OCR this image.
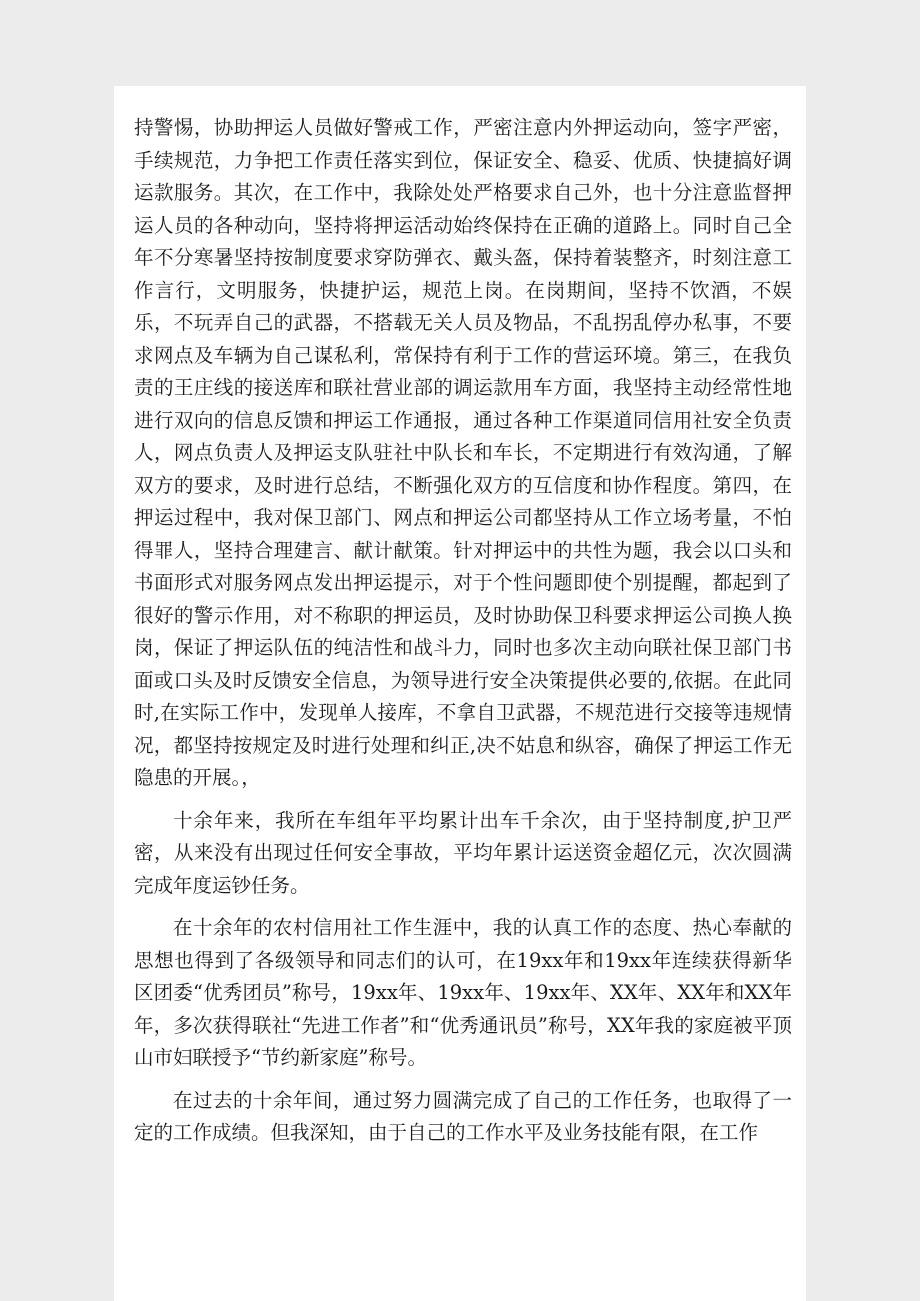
持警惕，协助押运人员做好警戒工作，严密注意内外押运动向，签字严密，手续规范，力争把工作责任落实到位，保证安全、稳妥、优质、快捷搞好调运款服务。其次，在工作中，我除处处严格要求自己外，也十分注意监督押运人员的各种动向，坚持将押运活动始终保持在正确的道路上。同时自己全年不分寒暑坚持按制度要求穿防弹衣、戴头盔，保持着装整齐，时刻注意工作言行，文明服务，快捷护运，规范上岗。在岗期间，坚持不饮酒，不娱乐，不玩弄自己的武器，不搭载无关人员及物品，不乱拐乱停办私事，不要求网点及车辆为自己谋私利，常保持有利于工作的营运环境。第三，在我负责的王庄线的接送库和联社营业部的调运款用车方面，我坚持主动经常性地进行双向的信息反馈和押运工作通报，通过各种工作渠道同信用社安全负责人，网点负责人及押运支队驻社中队长和车长，不定期进行有效沟通，了解双方的要求，及时进行总结，不断强化双方的互信度和协作程度。第四，在押运过程中，我对保卫部门、网点和押运公司都坚持从工作立场考量，不怕得罪人，坚持合理建言、献计献策。针对押运中的共性为题，我会以口头和书面形式对服务网点发出押运提示，对于个性问题即使个别提醒，都起到了很好的警示作用，对不称职的押运员，及时协助保卫科要求押运公司换人换岗，保证了押运队伍的纯洁性和战斗力，同时也多次主动向联社保卫部门书面或口头及时反馈安全信息，为领导进行安全决策提供必要的,依据。在此同时,在实际工作中，发现单人接库，不拿自卫武器，不规范进行交接等违规情况，都坚持按规定及时进行处理和纠正,决不姑息和纵容，确保了押运工作无隐患的开展。，

十余年来，我所在车组年平均累计出车千余次，由于坚持制度,护卫严密，从来没有出现过任何安全事故，平均年累计运送资金超亿元，次次圆满完成年度运钞任务。

在十余年的农村信用社工作生涯中，我的认真工作的态度、热心奉献的思想也得到了各级领导和同志们的认可，在19xx年和19xx年连续获得新华区团委“优秀团员”称号，19xx年、19xx年、19xx年、XX年、XX年和XX年年，多次获得联社“先进工作者”和“优秀通讯员”称号，XX年我的家庭被平顶山市妇联授予“节约新家庭”称号。

在过去的十余年间，通过努力圆满完成了自己的工作任务，也取得了一定的工作成绩。但我深知，由于自己的工作水平及业务技能有限，在工作
